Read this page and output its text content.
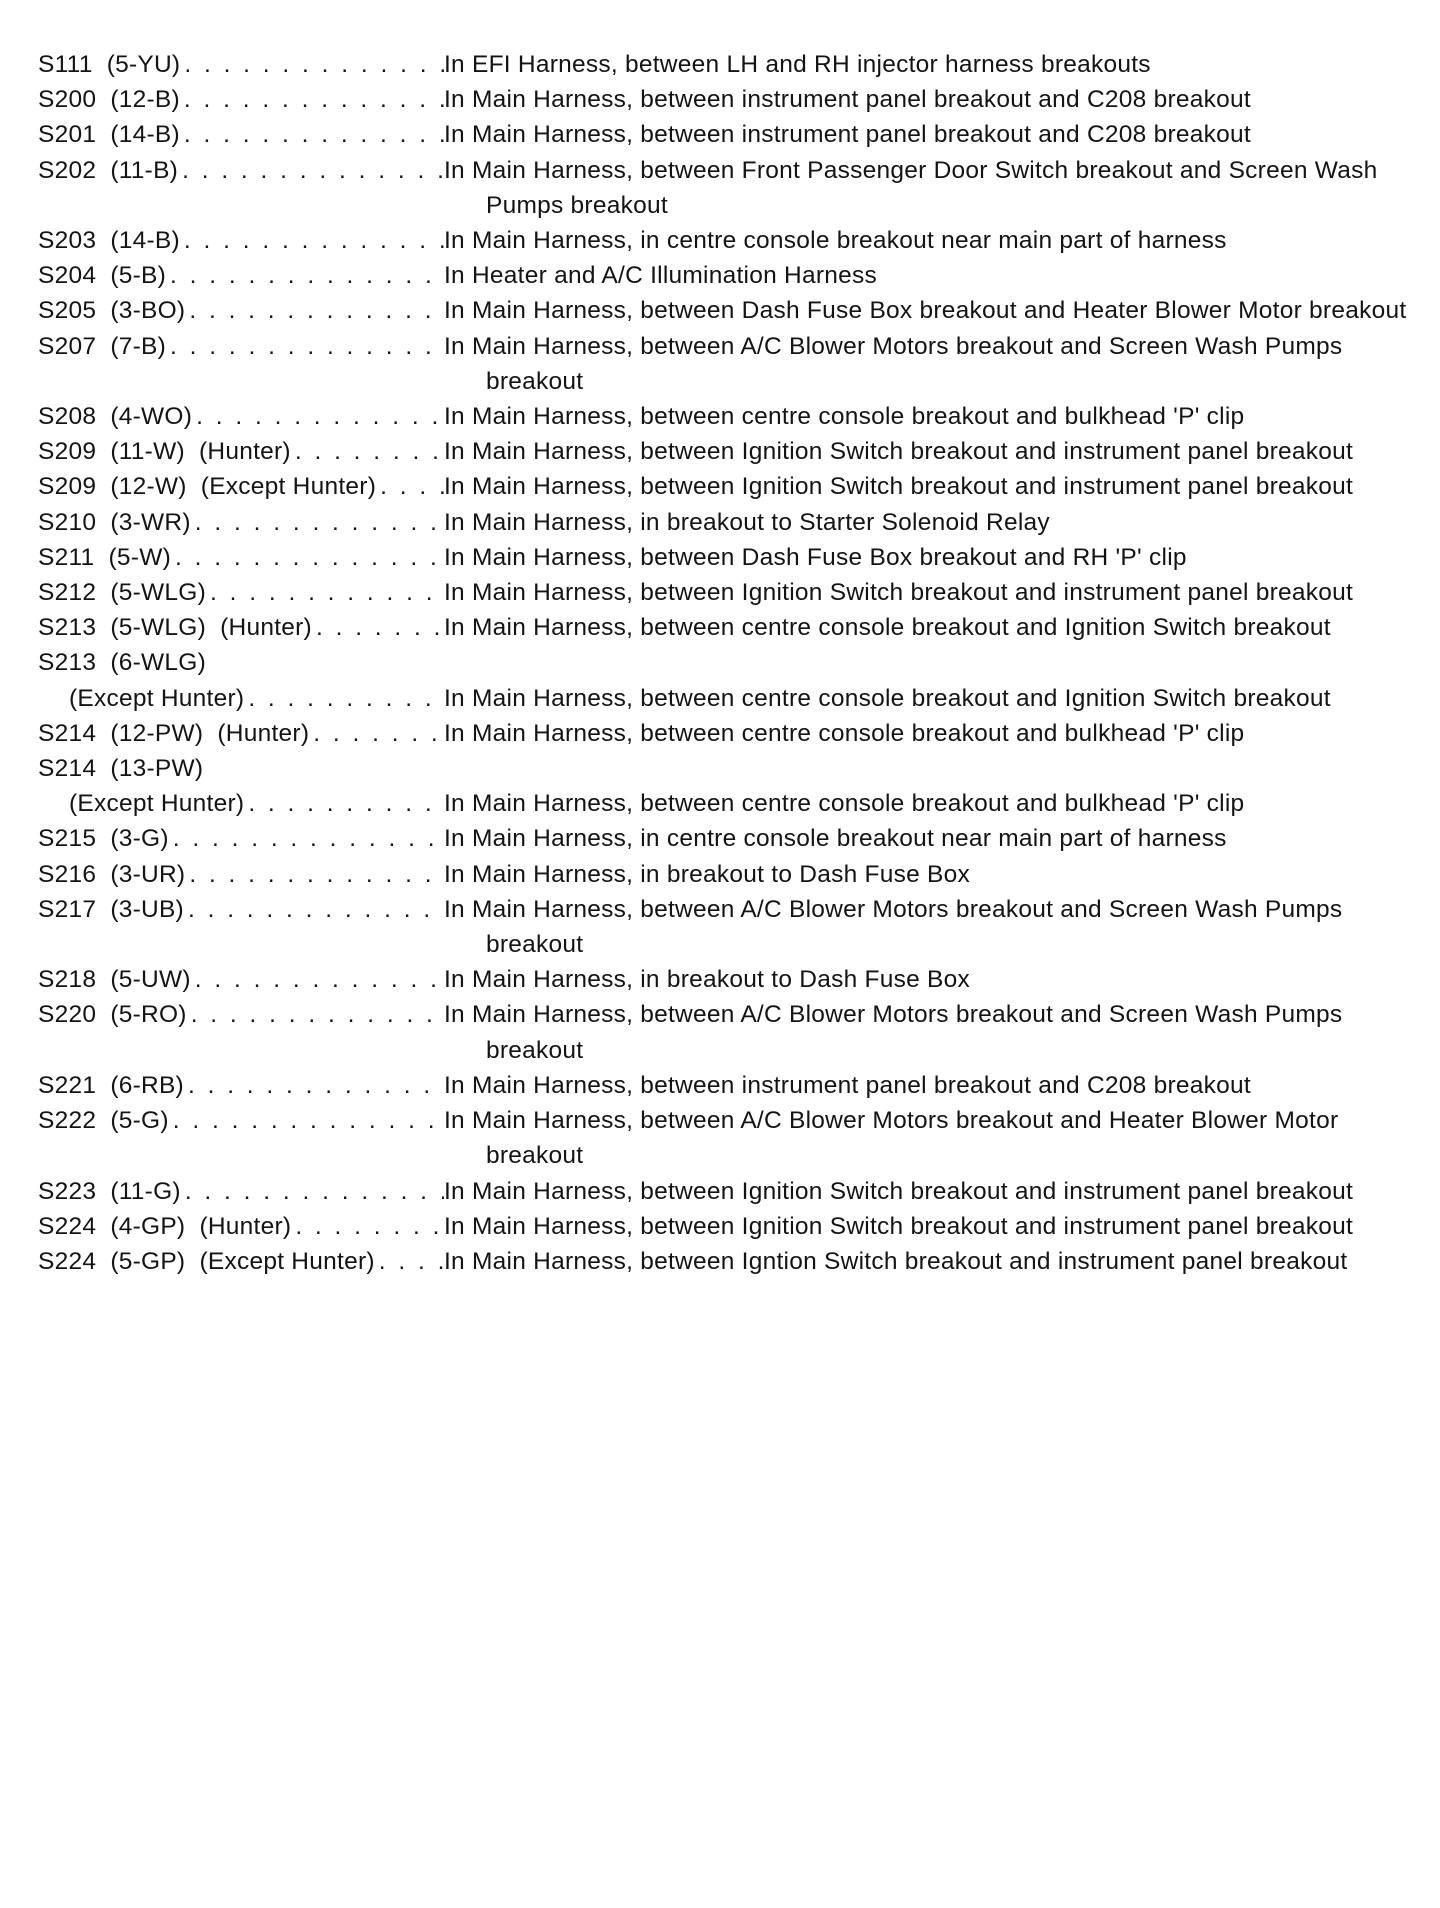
S111  (5-YU) . . .	In EFI Harness, between LH and RH injector harness breakouts
S200  (12-B) . . .	In Main Harness, between instrument panel breakout and C208 breakout
S201  (14-B) . . .	In Main Harness, between instrument panel breakout and C208 breakout
S202  (11-B) . . .	In Main Harness, between Front Passenger Door Switch breakout and Screen Wash Pumps breakout
S203  (14-B) . . .	In Main Harness, in centre console breakout near main part of harness
S204  (5-B) . . .	In Heater and A/C Illumination Harness
S205  (3-BO) . . .	In Main Harness, between Dash Fuse Box breakout and Heater Blower Motor breakout
S207  (7-B) . . .	In Main Harness, between A/C Blower Motors breakout and Screen Wash Pumps breakout
S208  (4-WO) . . .	In Main Harness, between centre console breakout and bulkhead 'P' clip
S209  (11-W)  (Hunter) . . .	In Main Harness, between Ignition Switch breakout and instrument panel breakout
S209  (12-W)  (Except Hunter) . . .	In Main Harness, between Ignition Switch breakout and instrument panel breakout
S210  (3-WR) . . .	In Main Harness, in breakout to Starter Solenoid Relay
S211  (5-W) . . .	In Main Harness, between Dash Fuse Box breakout and RH 'P' clip
S212  (5-WLG) . . .	In Main Harness, between Ignition Switch breakout and instrument panel breakout
S213  (5-WLG)  (Hunter) . . .	In Main Harness, between centre console breakout and Ignition Switch breakout
S213  (6-WLG)
(Except Hunter) . . .	In Main Harness, between centre console breakout and Ignition Switch breakout
S214  (12-PW)  (Hunter) . . .	In Main Harness, between centre console breakout and bulkhead 'P' clip
S214  (13-PW)
(Except Hunter) . . .	In Main Harness, between centre console breakout and bulkhead 'P' clip
S215  (3-G) . . .	In Main Harness, in centre console breakout near main part of harness
S216  (3-UR) . . .	In Main Harness, in breakout to Dash Fuse Box
S217  (3-UB) . . .	In Main Harness, between A/C Blower Motors breakout and Screen Wash Pumps breakout
S218  (5-UW) . . .	In Main Harness, in breakout to Dash Fuse Box
S220  (5-RO) . . .	In Main Harness, between A/C Blower Motors breakout and Screen Wash Pumps breakout
S221  (6-RB) . . .	In Main Harness, between instrument panel breakout and C208 breakout
S222  (5-G) . . .	In Main Harness, between A/C Blower Motors breakout and Heater Blower Motor breakout
S223  (11-G) . . .	In Main Harness, between Ignition Switch breakout and instrument panel breakout
S224  (4-GP)  (Hunter) . . .	In Main Harness, between Ignition Switch breakout and instrument panel breakout
S224  (5-GP)  (Except Hunter) . . .	In Main Harness, between Igntion Switch breakout and instrument panel breakout
